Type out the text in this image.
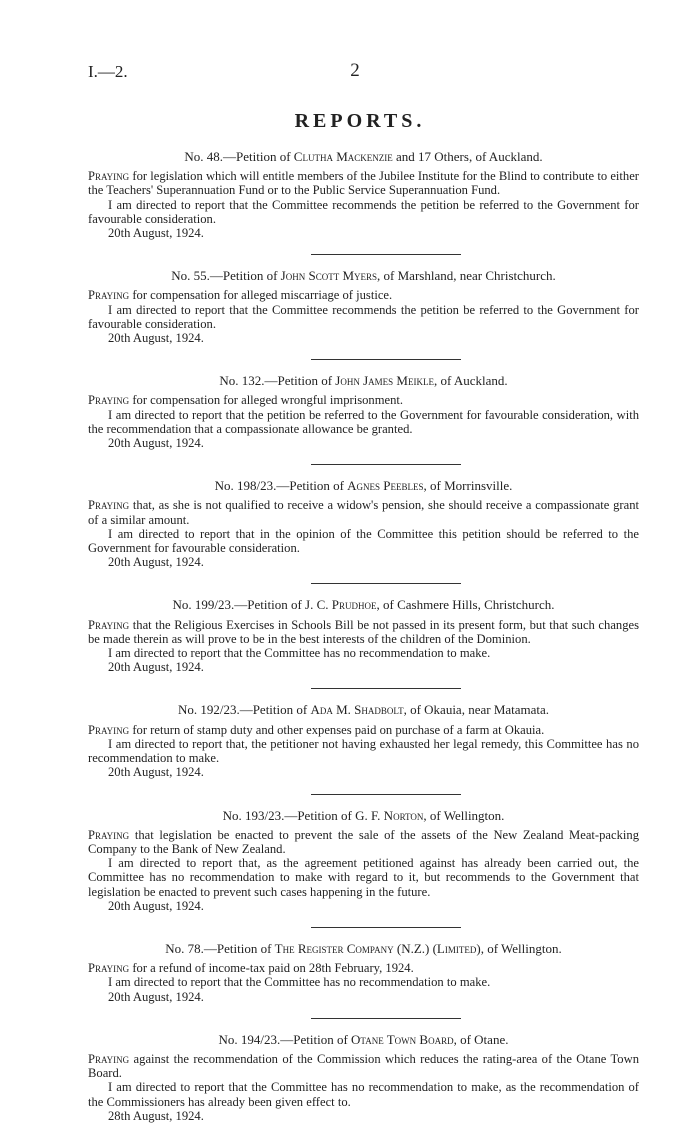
I.—2.	2
REPORTS.
No. 48.—Petition of Clutha Mackenzie and 17 Others, of Auckland.

Praying for legislation which will entitle members of the Jubilee Institute for the Blind to contribute to either the Teachers' Superannuation Fund or to the Public Service Superannuation Fund.

I am directed to report that the Committee recommends the petition be referred to the Government for favourable consideration.

20th August, 1924.
No. 55.—Petition of John Scott Myers, of Marshland, near Christchurch.

Praying for compensation for alleged miscarriage of justice.

I am directed to report that the Committee recommends the petition be referred to the Government for favourable consideration.

20th August, 1924.
No. 132.—Petition of John James Meikle, of Auckland.

Praying for compensation for alleged wrongful imprisonment.

I am directed to report that the petition be referred to the Government for favourable consideration, with the recommendation that a compassionate allowance be granted.

20th August, 1924.
No. 198/23.—Petition of Agnes Peebles, of Morrinsville.

Praying that, as she is not qualified to receive a widow's pension, she should receive a compassionate grant of a similar amount.

I am directed to report that in the opinion of the Committee this petition should be referred to the Government for favourable consideration.

20th August, 1924.
No. 199/23.—Petition of J. C. Prudhoe, of Cashmere Hills, Christchurch.

Praying that the Religious Exercises in Schools Bill be not passed in its present form, but that such changes be made therein as will prove to be in the best interests of the children of the Dominion.

I am directed to report that the Committee has no recommendation to make.

20th August, 1924.
No. 192/23.—Petition of Ada M. Shadbolt, of Okauia, near Matamata.

Praying for return of stamp duty and other expenses paid on purchase of a farm at Okauia.

I am directed to report that, the petitioner not having exhausted her legal remedy, this Committee has no recommendation to make.

20th August, 1924.
No. 193/23.—Petition of G. F. Norton, of Wellington.

Praying that legislation be enacted to prevent the sale of the assets of the New Zealand Meat-packing Company to the Bank of New Zealand.

I am directed to report that, as the agreement petitioned against has already been carried out, the Committee has no recommendation to make with regard to it, but recommends to the Government that legislation be enacted to prevent such cases happening in the future.

20th August, 1924.
No. 78.—Petition of The Register Company (N.Z.) (Limited), of Wellington.

Praying for a refund of income-tax paid on 28th February, 1924.

I am directed to report that the Committee has no recommendation to make.

20th August, 1924.
No. 194/23.—Petition of Otane Town Board, of Otane.

Praying against the recommendation of the Commission which reduces the rating-area of the Otane Town Board.

I am directed to report that the Committee has no recommendation to make, as the recommendation of the Commissioners has already been given effect to.

28th August, 1924.
